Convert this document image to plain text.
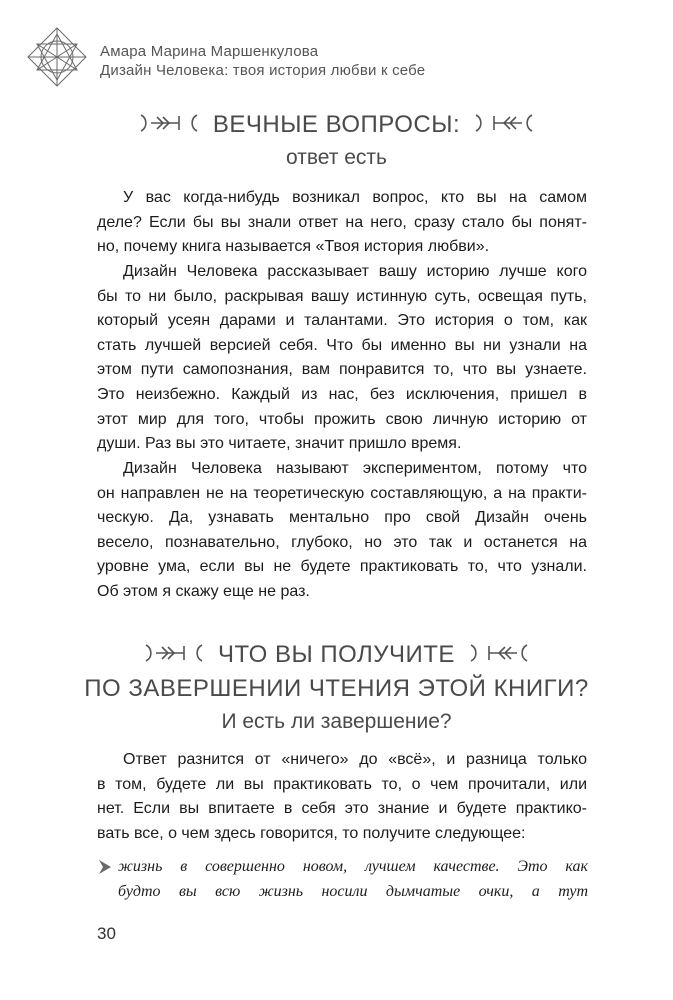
Амара Марина Маршенкулова
Дизайн Человека: твоя история любви к себе
ВЕЧНЫЕ ВОПРОСЫ:
ответ есть
У вас когда-нибудь возникал вопрос, кто вы на самом
деле? Если бы вы знали ответ на него, сразу стало бы понят-
но, почему книга называется «Твоя история любви».
Дизайн Человека рассказывает вашу историю лучше кого
бы то ни было, раскрывая вашу истинную суть, освещая путь,
который усеян дарами и талантами. Это история о том, как
стать лучшей версией себя. Что бы именно вы ни узнали на
этом пути самопознания, вам понравится то, что вы узнаете.
Это неизбежно. Каждый из нас, без исключения, пришел в
этот мир для того, чтобы прожить свою личную историю от
души. Раз вы это читаете, значит пришло время.
Дизайн Человека называют экспериментом, потому что
он направлен не на теоретическую составляющую, а на практи-
ческую. Да, узнавать ментально про свой Дизайн очень
весело, познавательно, глубоко, но это так и останется на
уровне ума, если вы не будете практиковать то, что узнали.
Об этом я скажу еще не раз.
ЧТО ВЫ ПОЛУЧИТЕ
ПО ЗАВЕРШЕНИИ ЧТЕНИЯ ЭТОЙ КНИГИ?
И есть ли завершение?
Ответ разнится от «ничего» до «всё», и разница только
в том, будете ли вы практиковать то, о чем прочитали, или
нет. Если вы впитаете в себя это знание и будете практико-
вать все, о чем здесь говорится, то получите следующее:

жизнь в совершенно новом, лучшем качестве. Это как
будто вы всю жизнь носили дымчатые очки, а тут

30
